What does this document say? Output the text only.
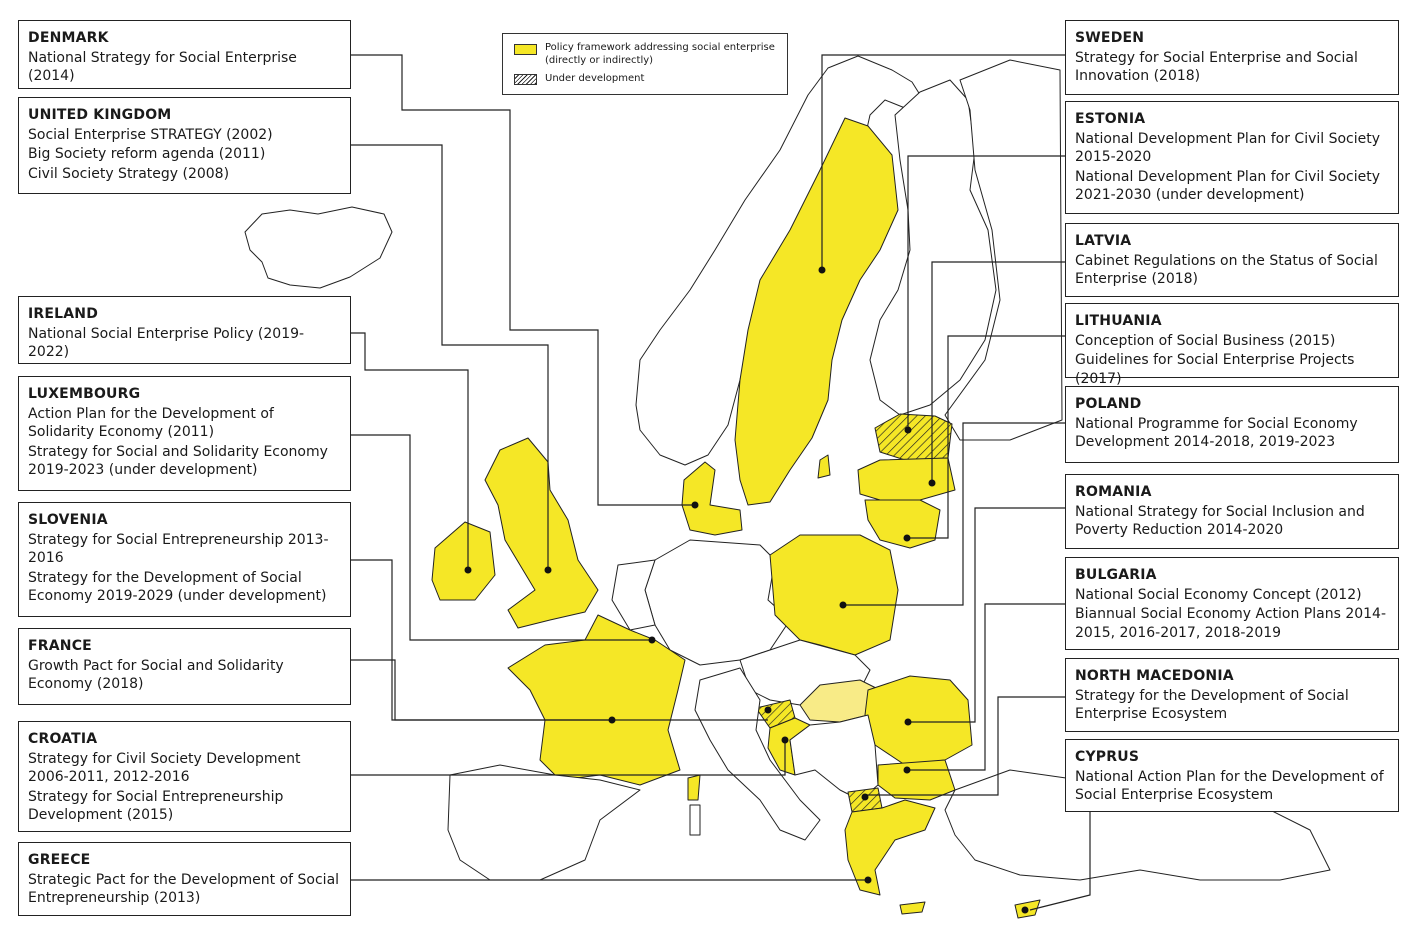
Policy framework addressing social enterprise
(directly or indirectly)
Under development
DENMARK
National Strategy for Social Enterprise (2014)
UNITED KINGDOM
Social Enterprise STRATEGY (2002)
Big Society reform agenda (2011)
Civil Society Strategy (2008)
IRELAND
National Social Enterprise Policy (2019-2022)
LUXEMBOURG
Action Plan for the Development of Solidarity Economy (2011)
Strategy for Social and Solidarity Economy 2019-2023 (under development)
SLOVENIA
Strategy for Social Entrepreneurship 2013-2016
Strategy for the Development of Social Economy 2019-2029 (under development)
FRANCE
Growth Pact for Social and Solidarity Economy (2018)
CROATIA
Strategy for Civil Society Development 2006-2011, 2012-2016
Strategy for Social Entrepreneurship Development (2015)
GREECE
Strategic Pact for the Development of Social Entrepreneurship (2013)
SWEDEN
Strategy for Social Enterprise and Social Innovation (2018)
ESTONIA
National Development Plan for Civil Society 2015-2020
National Development Plan for Civil Society 2021-2030 (under development)
LATVIA
Cabinet Regulations on the Status of Social Enterprise (2018)
LITHUANIA
Conception of Social Business (2015)
Guidelines for Social Enterprise Projects (2017)
POLAND
National Programme for Social Economy Development 2014-2018, 2019-2023
ROMANIA
National Strategy for Social Inclusion and Poverty Reduction 2014-2020
BULGARIA
National Social Economy Concept (2012)
Biannual Social Economy Action Plans 2014-2015, 2016-2017, 2018-2019
NORTH MACEDONIA
Strategy for the Development of Social Enterprise Ecosystem
CYPRUS
National Action Plan for the Development of Social Enterprise Ecosystem
